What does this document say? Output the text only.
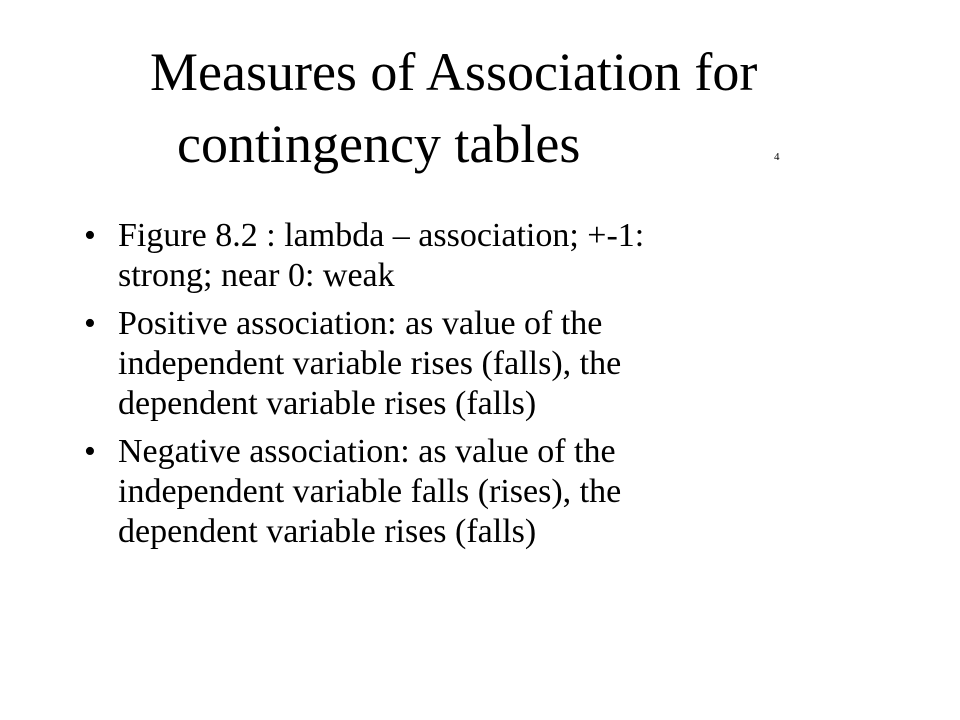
Measures of Association for
contingency tables	4
• Figure 8.2 : lambda – association; +-1:
strong; near 0: weak
• Positive association: as value of the
independent variable rises (falls), the
dependent variable rises (falls)
• Negative association: as value of the
independent variable falls (rises), the
dependent variable rises (falls)
